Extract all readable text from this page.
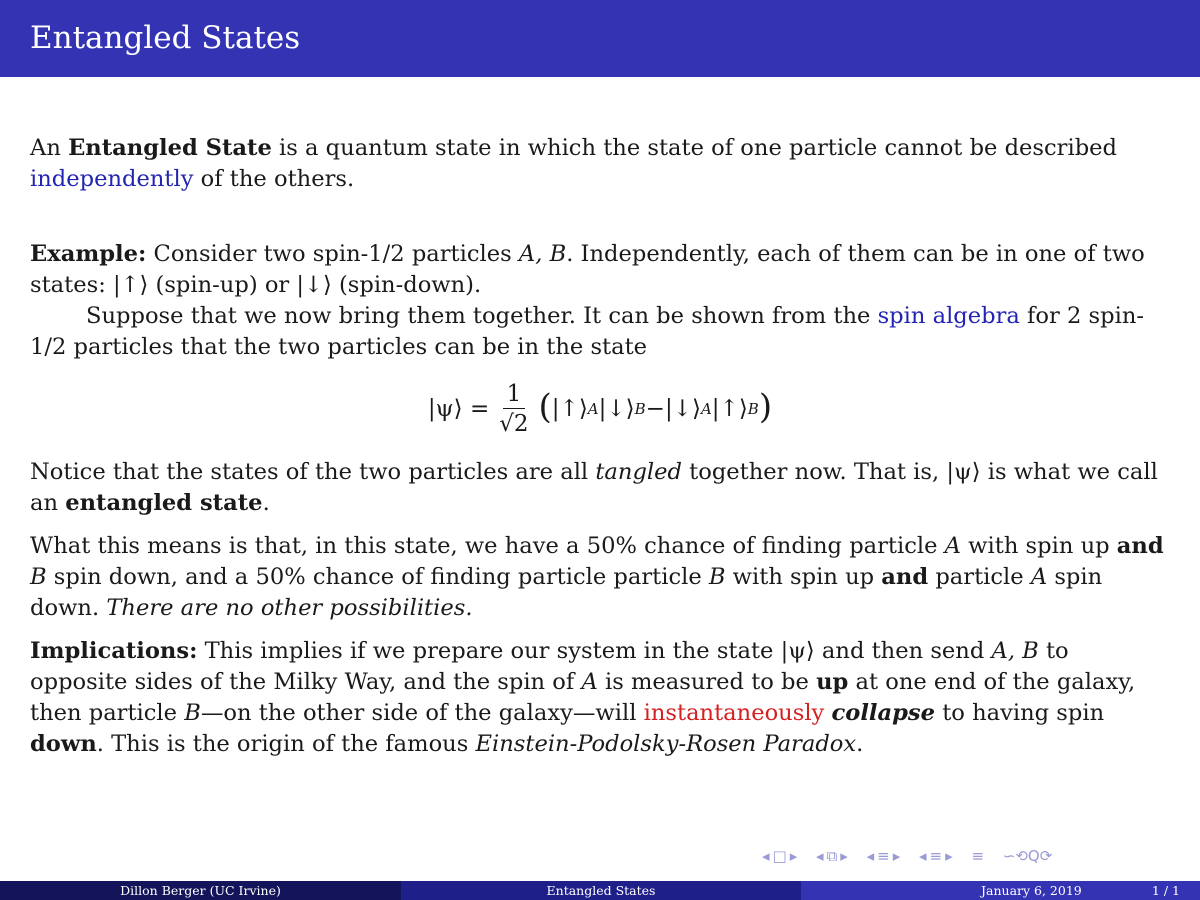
Entangled States

An Entangled State is a quantum state in which the state of one particle cannot be described independently of the others.

Example: Consider two spin-1/2 particles A, B. Independently, each of them can be in one of two states: |↑⟩ (spin-up) or |↓⟩ (spin-down).

Suppose that we now bring them together. It can be shown from the spin algebra for 2 spin-1/2 particles that the two particles can be in the state

|ψ⟩ = $\frac{1}{√2}$ ( |↑⟩ A |↓⟩ B − |↓⟩ A |↑⟩ B )

Notice that the states of the two particles are all tangled together now. That is, |ψ⟩ is what we call an entangled state.

What this means is that, in this state, we have a 50% chance of finding particle A with spin up and B spin down, and a 50% chance of finding particle particle B with spin up and particle A spin down. There are no other possibilities.

Implications: This implies if we prepare our system in the state |ψ⟩ and then send A, B to opposite sides of the Milky Way, and the spin of A is measured to be up at one end of the galaxy, then particle B—on the other side of the galaxy—will instantaneously collapse to having spin down. This is the origin of the famous Einstein-Podolsky-Rosen Paradox.

◂ □ ▸ ◂ ⧉ ▸ ◂ ≡ ▸ ◂ ≡ ▸ ≡ ∽⟲Q⟳
Dillon Berger (UC Irvine)	Entangled States	January 6, 2019	1 / 1
